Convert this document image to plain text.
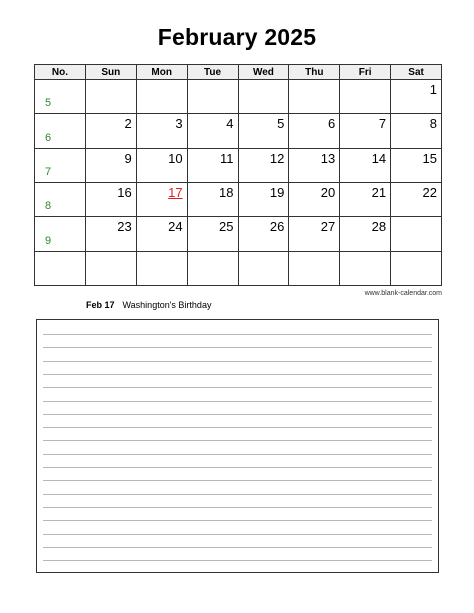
February 2025
No.	Sun	Mon	Tue	Wed	Thu	Fri	Sat

5							1

6	2	3	4	5	6	7	8

7	9	10	11	12	13	14	15

8	16	17	18	19	20	21	22

9	23	24	25	26	27	28	

www.blank-calendar.com
Feb 17 Washington's Birthday
